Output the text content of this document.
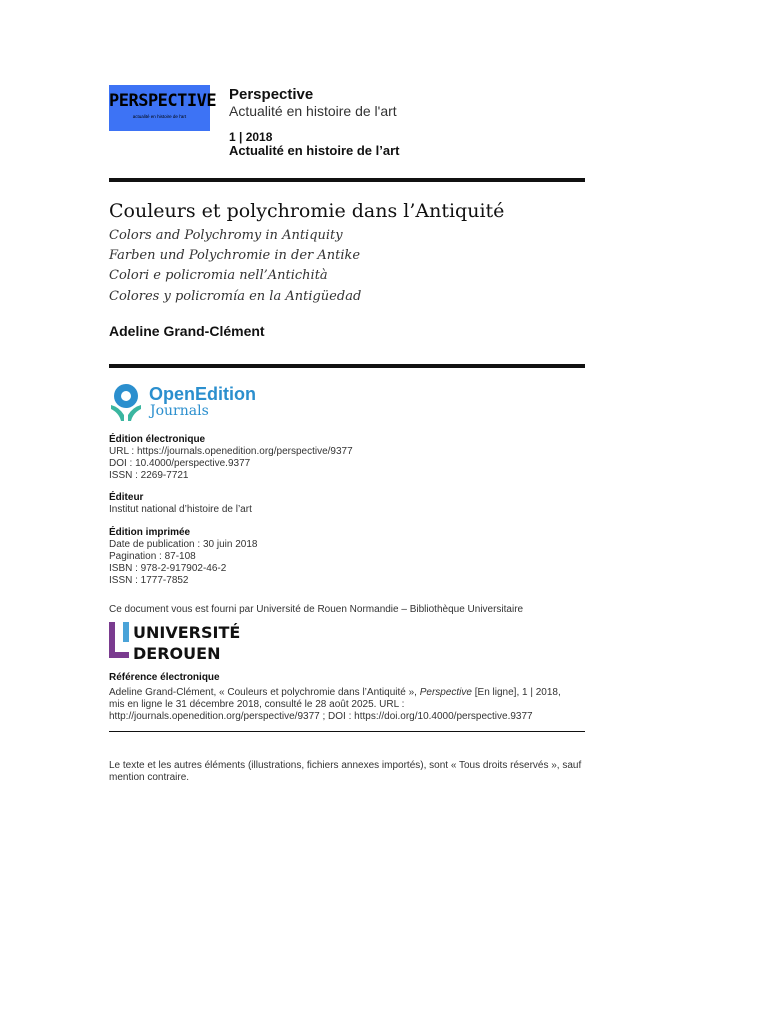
PERSPECTIVE
actualité en histoire de l'art
Perspective
Actualité en histoire de l'art
1 | 2018
Actualité en histoire de l’art
Couleurs et polychromie dans l’Antiquité
Colors and Polychromy in Antiquity
Farben und Polychromie in der Antike
Colori e policromia nell’Antichità
Colores y policromía en la Antigüedad
Adeline Grand-Clément
OpenEdition
Journals
Édition électronique
URL : https://journals.openedition.org/perspective/9377
DOI : 10.4000/perspective.9377
ISSN : 2269-7721
Éditeur
Institut national d’histoire de l’art
Édition imprimée
Date de publication : 30 juin 2018
Pagination : 87-108
ISBN : 978-2-917902-46-2
ISSN : 1777-7852
Ce document vous est fourni par Université de Rouen Normandie – Bibliothèque Universitaire
UNIVERSITÉ
DEROUEN
Référence électronique
Adeline Grand-Clément, « Couleurs et polychromie dans l’Antiquité », Perspective [En ligne], 1 | 2018, mis en ligne le 31 décembre 2018, consulté le 28 août 2025. URL : http://journals.openedition.org/perspective/9377 ; DOI : https://doi.org/10.4000/perspective.9377
Le texte et les autres éléments (illustrations, fichiers annexes importés), sont « Tous droits réservés », sauf mention contraire.
